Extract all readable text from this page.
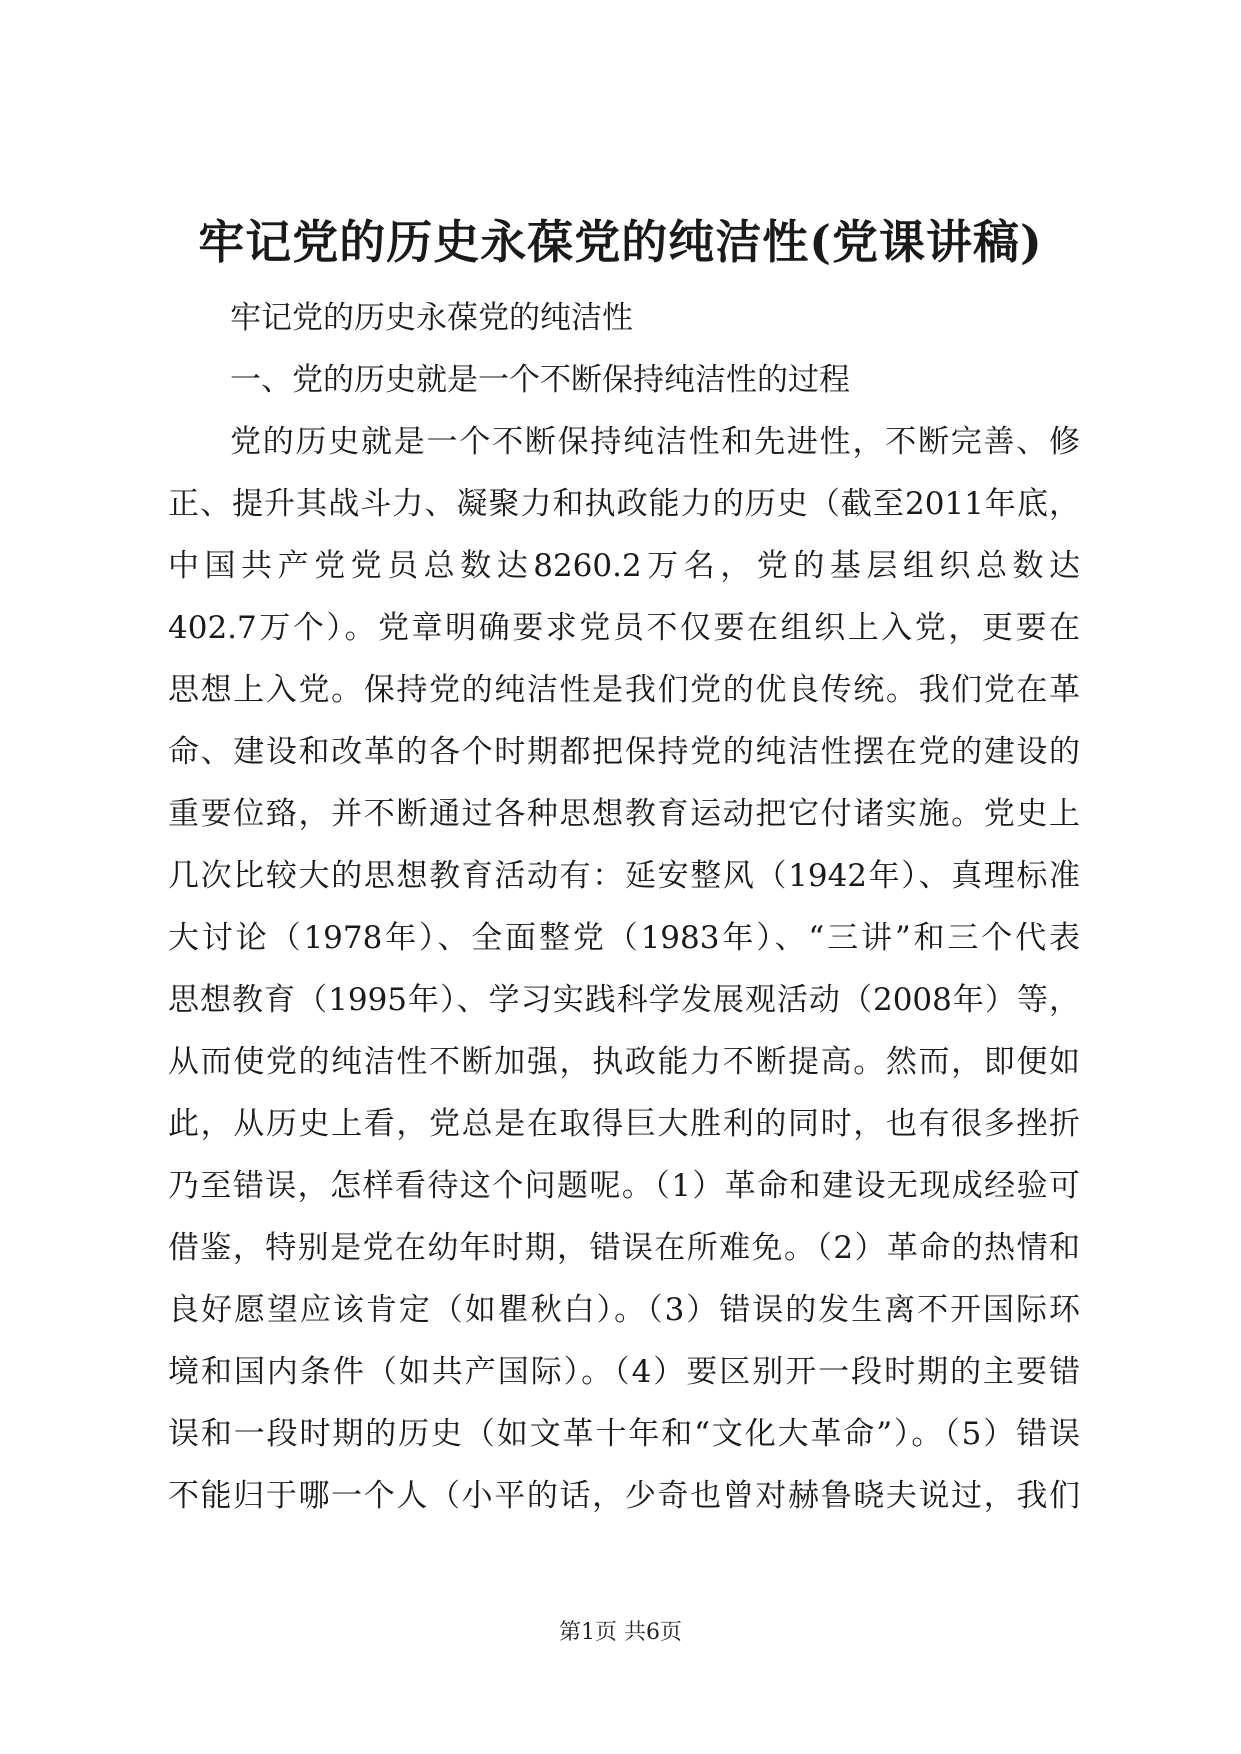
牢记党的历史永葆党的纯洁性(党课讲稿)

牢记党的历史永葆党的纯洁性

一、党的历史就是一个不断保持纯洁性的过程

党的历史就是一个不断保持纯洁性和先进性，不断完善、修
正、提升其战斗力、凝聚力和执政能力的历史（截至2011年底，
中国共产党党员总数达8260.2万名，党的基层组织总数达
402.7万个）。党章明确要求党员不仅要在组织上入党，更要在
思想上入党。保持党的纯洁性是我们党的优良传统。我们党在革
命、建设和改革的各个时期都把保持党的纯洁性摆在党的建设的
重要位臵，并不断通过各种思想教育运动把它付诸实施。党史上
几次比较大的思想教育活动有：延安整风（1942年）、真理标准
大讨论（1978年）、全面整党（1983年）、“三讲”和三个代表
思想教育（1995年）、学习实践科学发展观活动（2008年）等，
从而使党的纯洁性不断加强，执政能力不断提高。然而，即便如
此，从历史上看，党总是在取得巨大胜利的同时，也有很多挫折
乃至错误，怎样看待这个问题呢。（1）革命和建设无现成经验可
借鉴，特别是党在幼年时期，错误在所难免。（2）革命的热情和
良好愿望应该肯定（如瞿秋白）。（3）错误的发生离不开国际环
境和国内条件（如共产国际）。（4）要区别开一段时期的主要错
误和一段时期的历史（如文革十年和“文化大革命”）。（5）错误
不能归于哪一个人（小平的话，少奇也曾对赫鲁晓夫说过，我们
第1页 共6页
